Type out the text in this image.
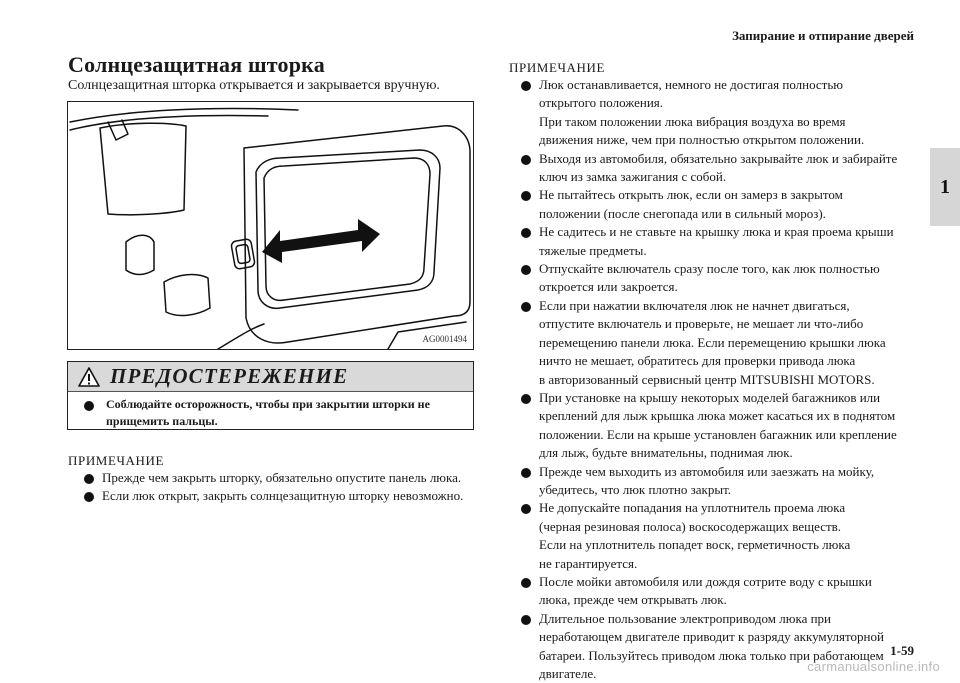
Запирание и отпирание дверей
1
Солнцезащитная шторка
Солнцезащитная шторка открывается и закрывается вручную.
AG0001494
ПРЕДОСТЕРЕЖЕНИЕ
Соблюдайте осторожность, чтобы при закрытии шторки не прищемить пальцы.
ПРИМЕЧАНИЕ
Прежде чем закрыть шторку, обязательно опустите панель люка.
Если люк открыт, закрыть солнцезащитную шторку невозможно.
ПРИМЕЧАНИЕ
Люк останавливается, немного не достигая полностью
открытого положения.
При таком положении люка вибрация воздуха во время
движения ниже, чем при полностью открытом положении.
Выходя из автомобиля, обязательно закрывайте люк и забирайте
ключ из замка зажигания с собой.
Не пытайтесь открыть люк, если он замерз в закрытом
положении (после снегопада или в сильный мороз).
Не садитесь и не ставьте на крышку люка и края проема крыши
тяжелые предметы.
Отпускайте включатель сразу после того, как люк полностью
откроется или закроется.
Если при нажатии включателя люк не начнет двигаться,
отпустите включатель и проверьте, не мешает ли что-либо
перемещению панели люка. Если перемещению крышки люка
ничто не мешает, обратитесь для проверки привода люка
в авторизованный сервисный центр MITSUBISHI MOTORS.
При установке на крышу некоторых моделей багажников или
креплений для лыж крышка люка может касаться их в поднятом
положении. Если на крыше установлен багажник или крепление
для лыж, будьте внимательны, поднимая люк.
Прежде чем выходить из автомобиля или заезжать на мойку,
убедитесь, что люк плотно закрыт.
Не допускайте попадания на уплотнитель проема люка
(черная резиновая полоса) воскосодержащих веществ.
Если на уплотнитель попадет воск, герметичность люка
не гарантируется.
После мойки автомобиля или дождя сотрите воду с крышки
люка, прежде чем открывать люк.
Длительное пользование электроприводом люка при
неработающем двигателе приводит к разряду аккумуляторной
батареи. Пользуйтесь приводом люка только при работающем
двигателе.
1-59
carmanualsonline.info
